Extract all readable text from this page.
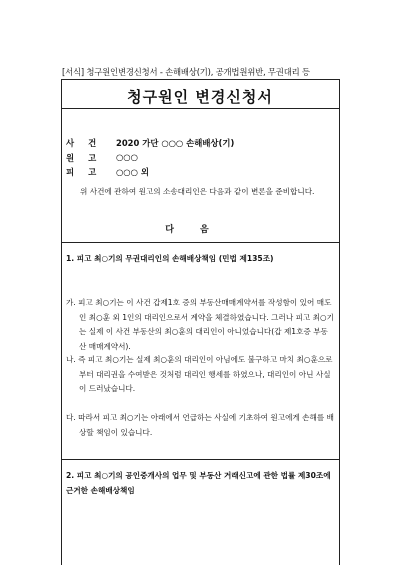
[서식] 청구원인변경신청서 - 손해배상(기), 공개법원위반, 무권대리 등
청구원인 변경신청서
사건 2020 가단 ○○○ 손해배상(기)
원고 ○○○
피고 ○○○ 외
위 사건에 관하여 원고의 소송대리인은 다음과 같이 변론을 준비합니다.
다음
1. 피고 최○기의 무권대리인의 손해배상책임 (민법 제135조)
가. 피고 최○기는 이 사건 갑제1호 증의 부동산매매계약서를 작성함이 있어 매도인 최○훈 외 1인의 대리인으로서 계약을 체결하였습니다. 그러나 피고 최○기는 실제 이 사건 부동산의 최○훈의 대리인이 아니었습니다(갑 제1호증 부동산 매매계약서).
나. 즉 피고 최○기는 실제 최○훈의 대리인이 아님에도 불구하고 마치 최○훈으로부터 대리권을 수여받은 것처럼 대리인 행세를 하였으나, 대리인이 아닌 사실이 드러났습니다.
다. 따라서 피고 최○기는 아래에서 언급하는 사실에 기초하여 원고에게 손해를 배상할 책임이 있습니다.
2. 피고 최○기의 공인중개사의 업무 및 부동산 거래신고에 관한 법률 제30조에 근거한 손해배상책임
